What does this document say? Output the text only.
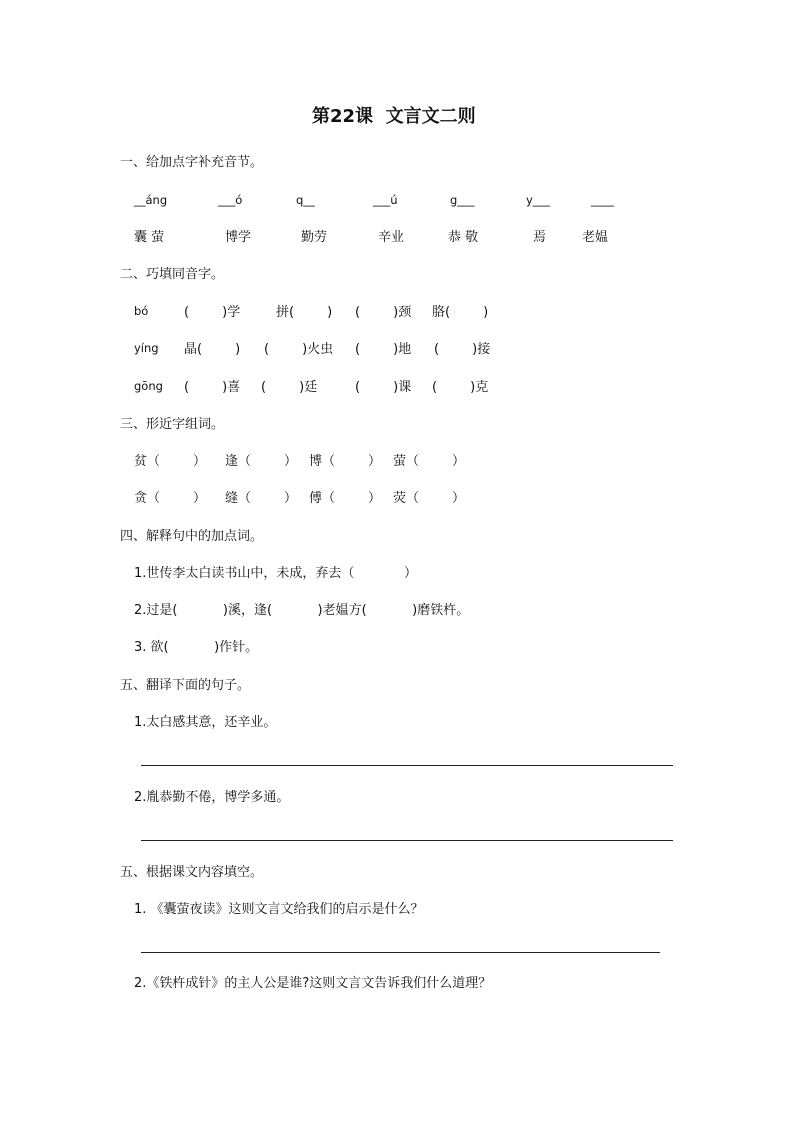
第22课  文言文二则
一、给加点字补充音节。
__áng	___ó	q__	___ú	g___	y___	____
囊 萤	博学	勤劳	辛业	恭 敬	焉	老媪
二、巧填同音字。
bó	(        )学	拼(        ) (        )颈 胳(        )
yíng 晶(        ) (        )火虫 (        )地 (        )接
gōng (        )喜 (        )廷	(        )课 (        )克
三、形近字组词。
贫（        ） 逢（        ） 博（        ） 萤（        ）
贪（        ） 缝（        ） 傅（        ） 荧（        ）
四、解释句中的加点词。
1.世传李太白读书山中，未成，弃去（            ）
2.过是(           )溪，逢(           )老媪方(           )磨铁杵。
3. 欲(           )作针。
五、翻译下面的句子。
1.太白感其意，还辛业。
2.胤恭勤不倦，博学多通。
五、根据课文内容填空。
1. 《囊萤夜读》这则文言文给我们的启示是什么？
2.《铁杵成针》的主人公是谁?这则文言文告诉我们什么道理？
